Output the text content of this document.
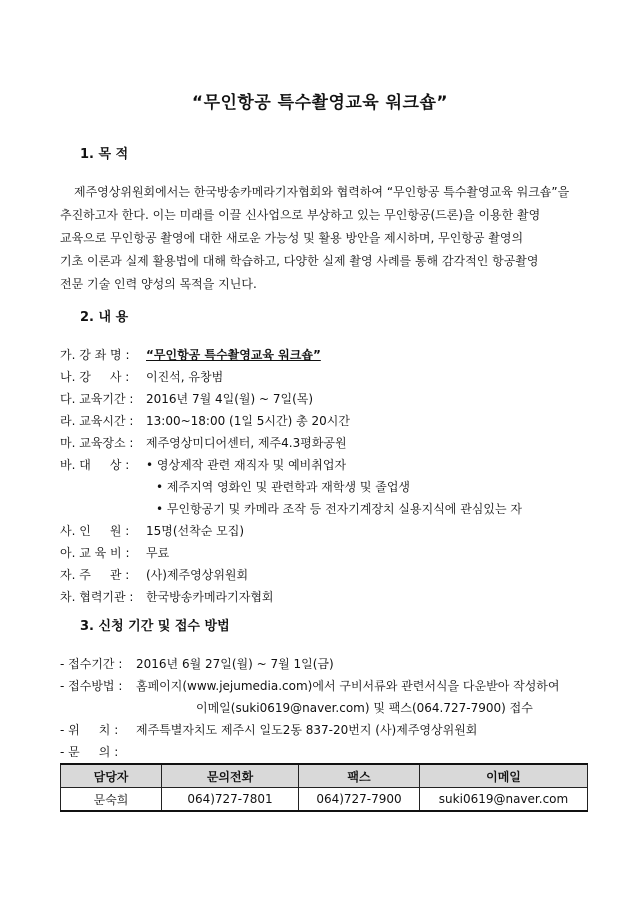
“무인항공 특수촬영교육 워크숍”
1. 목 적
제주영상위원회에서는 한국방송카메라기자협회와 협력하여 “무인항공 특수촬영교육 워크숍”을
추진하고자 한다. 이는 미래를 이끌 신사업으로 부상하고 있는 무인항공(드론)을 이용한 촬영
교육으로 무인항공 촬영에 대한 새로운 가능성 및 활용 방안을 제시하며, 무인항공 촬영의
기초 이론과 실제 활용법에 대해 학습하고, 다양한 실제 촬영 사례를 통해 감각적인 항공촬영
전문 기술 인력 양성의 목적을 지닌다.
2. 내 용
가. 강 좌 명 : “무인항공 특수촬영교육 워크숍”
나. 강     사 : 이진석, 유창범
다. 교육기간 : 2016년 7월 4일(월) ~ 7일(목)
라. 교육시간 : 13:00~18:00 (1일 5시간) 총 20시간
마. 교육장소 : 제주영상미디어센터, 제주4.3평화공원
바. 대     상 : • 영상제작 관련 재직자 및 예비취업자
• 제주지역 영화인 및 관련학과 재학생 및 졸업생
• 무인항공기 및 카메라 조작 등 전자기계장치 실용지식에 관심있는 자
사. 인     원 : 15명(선착순 모집)
아. 교 육 비 : 무료
자. 주     관 : (사)제주영상위원회
차. 협력기관 : 한국방송카메라기자협회
3. 신청 기간 및 접수 방법
- 접수기간 : 2016년 6월 27일(월) ~ 7월 1일(금)
- 접수방법 : 홈페이지(www.jejumedia.com)에서 구비서류와 관련서식을 다운받아 작성하여
이메일(suki0619@naver.com) 및 팩스(064.727-7900) 접수
- 위     치 : 제주특별자치도 제주시 일도2동 837-20번지 (사)제주영상위원회
- 문     의 :
담당자	문의전화	팩스	이메일
문숙희	064)727-7801	064)727-7900	suki0619@naver.com
